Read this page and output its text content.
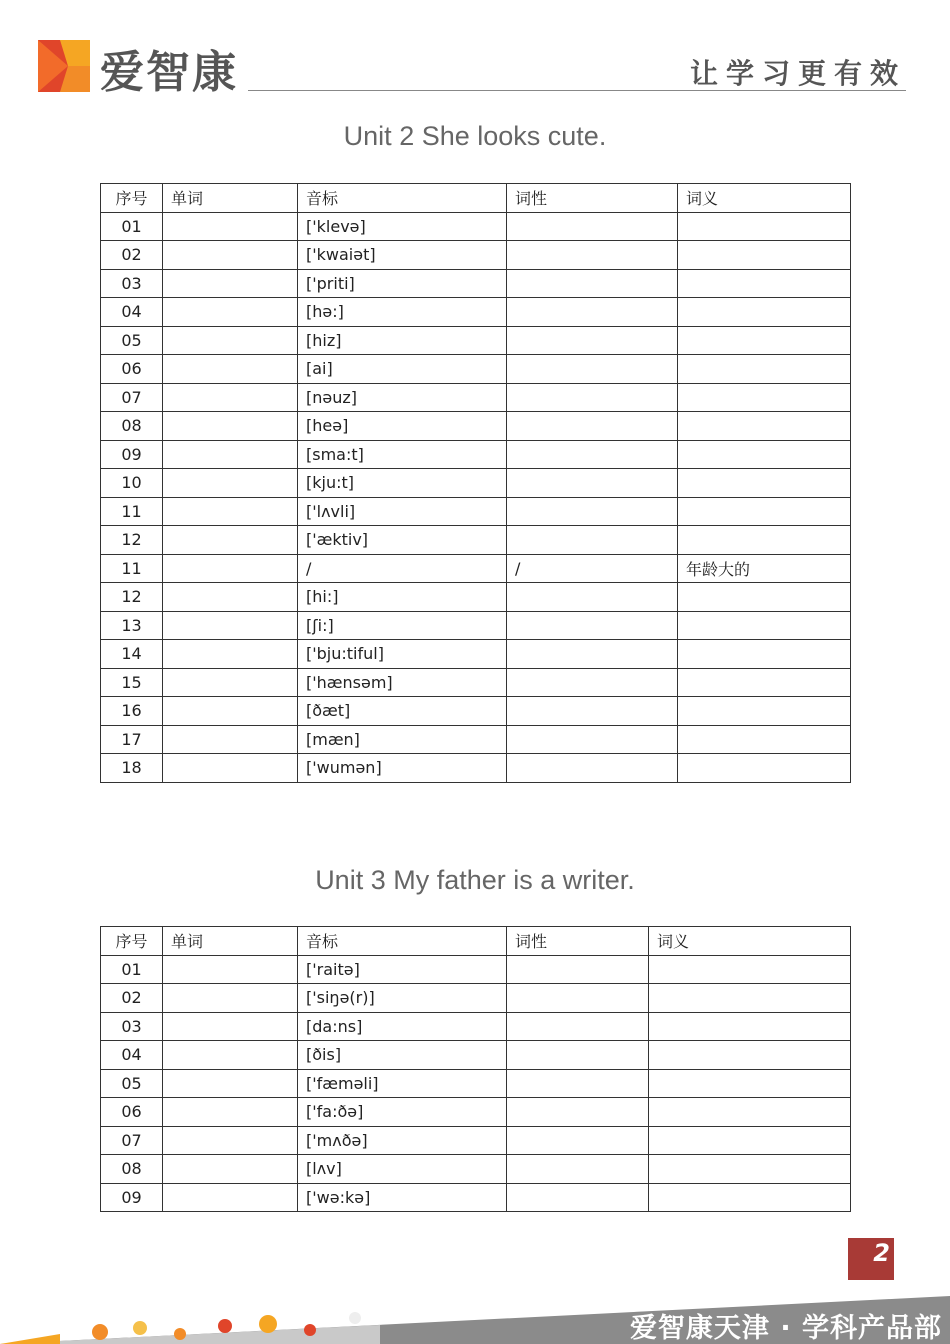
爱智康	让学习更有效
Unit 2 She looks cute.
序号	单词	音标	词性	词义
01		['klevə]		
02		['kwaiət]		
03		['priti]		
04		[hə:]		
05		[hiz]		
06		[ai]		
07		[nəuz]		
08		[heə]		
09		[sma:t]		
10		[kju:t]		
11		['lʌvli]		
12		['æktiv]		
11		/	/	年龄大的
12		[hi:]		
13		[ʃi:]		
14		['bju:tiful]		
15		['hænsəm]		
16		[ðæt]		
17		[mæn]		
18		['wumən]		
Unit 3 My father is a writer.
序号	单词	音标	词性	词义
01		['raitə]		
02		['siŋə(r)]		
03		[da:ns]		
04		[ðis]		
05		['fæməli]		
06		['fa:ðə]		
07		['mʌðə]		
08		[lʌv]		
09		['wə:kə]		
2
爱智康天津 · 学科产品部
